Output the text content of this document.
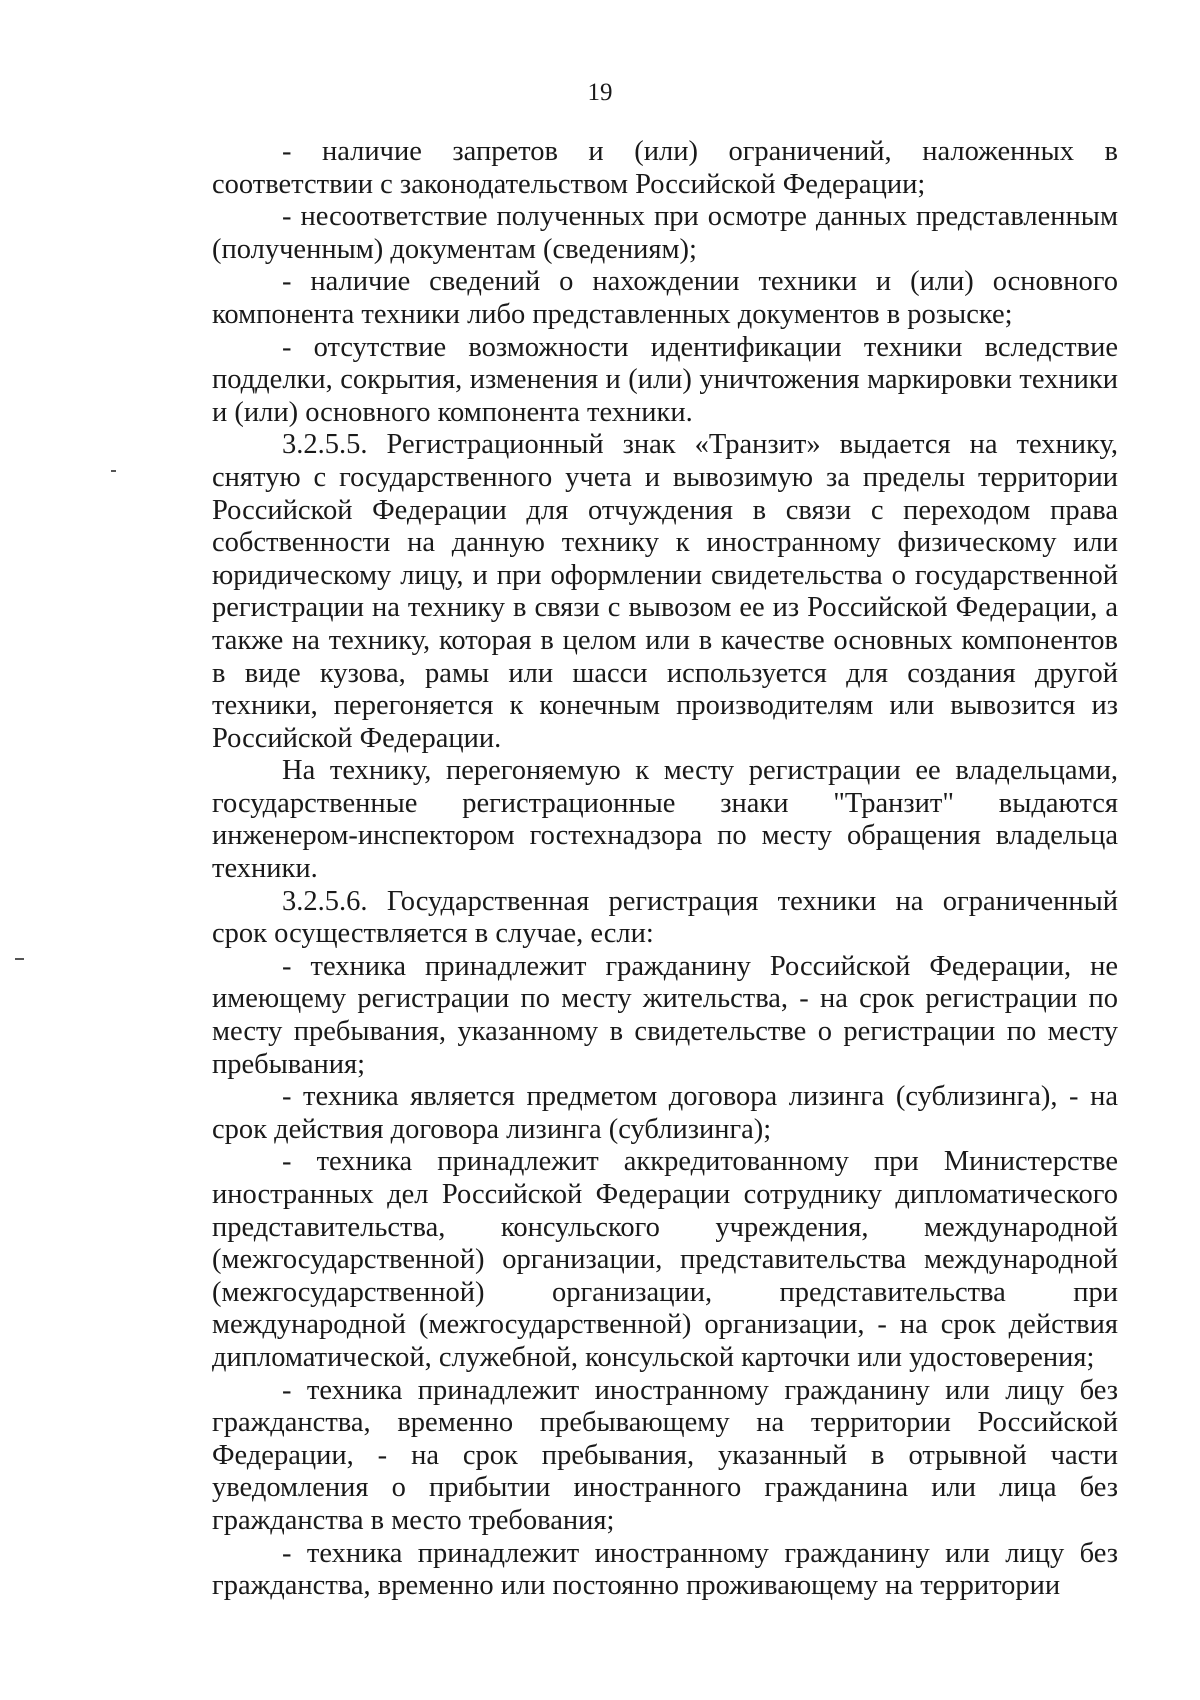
19

- наличие запретов и (или) ограничений, наложенных в соответствии с законодательством Российской Федерации;

- несоответствие полученных при осмотре данных представленным (полученным) документам (сведениям);

- наличие сведений о нахождении техники и (или) основного компонента техники либо представленных документов в розыске;

- отсутствие возможности идентификации техники вследствие подделки, сокрытия, изменения и (или) уничтожения маркировки техники и (или) основного компонента техники.

3.2.5.5. Регистрационный знак «Транзит» выдается на технику, снятую с государственного учета и вывозимую за пределы территории Российской Федерации для отчуждения в связи с переходом права собственности на данную технику к иностранному физическому или юридическому лицу, и при оформлении свидетельства о государственной регистрации на технику в связи с вывозом ее из Российской Федерации, а также на технику, которая в целом или в качестве основных компонентов в виде кузова, рамы или шасси используется для создания другой техники, перегоняется к конечным производителям или вывозится из Российской Федерации.

На технику, перегоняемую к месту регистрации ее владельцами, государственные регистрационные знаки "Транзит" выдаются инженером-инспектором гостехнадзора по месту обращения владельца техники.

3.2.5.6. Государственная регистрация техники на ограниченный срок осуществляется в случае, если:

- техника принадлежит гражданину Российской Федерации, не имеющему регистрации по месту жительства, - на срок регистрации по месту пребывания, указанному в свидетельстве о регистрации по месту пребывания;

- техника является предметом договора лизинга (сублизинга), - на срок действия договора лизинга (сублизинга);

- техника принадлежит аккредитованному при Министерстве иностранных дел Российской Федерации сотруднику дипломатического представительства, консульского учреждения, международной (межгосударственной) организации, представительства международной (межгосударственной) организации, представительства при международной (межгосударственной) организации, - на срок действия дипломатической, служебной, консульской карточки или удостоверения;

- техника принадлежит иностранному гражданину или лицу без гражданства, временно пребывающему на территории Российской Федерации, - на срок пребывания, указанный в отрывной части уведомления о прибытии иностранного гражданина или лица без гражданства в место требования;

- техника принадлежит иностранному гражданину или лицу без гражданства, временно или постоянно проживающему на территории
